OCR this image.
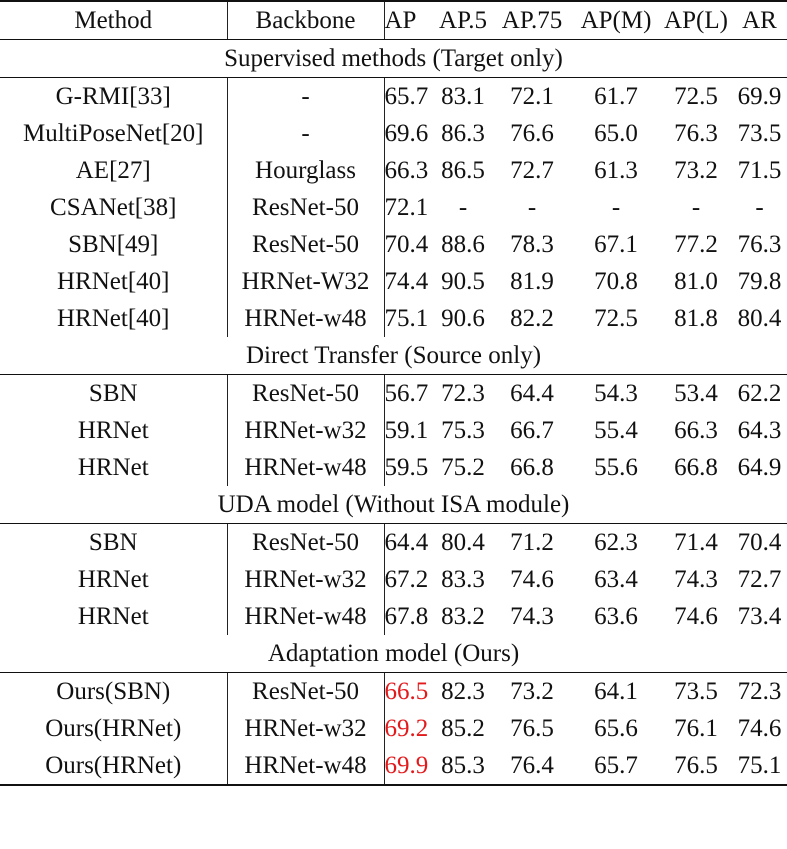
Method	Backbone	AP	AP.5	AP.75	AP(M)	AP(L)	AR
Supervised methods (Target only)							
G-RMI[33]	-	65.7	83.1	72.1	61.7	72.5	69.9
MultiPoseNet[20]	-	69.6	86.3	76.6	65.0	76.3	73.5
AE[27]	Hourglass	66.3	86.5	72.7	61.3	73.2	71.5
CSANet[38]	ResNet-50	72.1	-	-	-	-	-
SBN[49]	ResNet-50	70.4	88.6	78.3	67.1	77.2	76.3
HRNet[40]	HRNet-W32	74.4	90.5	81.9	70.8	81.0	79.8
HRNet[40]	HRNet-w48	75.1	90.6	82.2	72.5	81.8	80.4
Direct Transfer (Source only)							
SBN	ResNet-50	56.7	72.3	64.4	54.3	53.4	62.2
HRNet	HRNet-w32	59.1	75.3	66.7	55.4	66.3	64.3
HRNet	HRNet-w48	59.5	75.2	66.8	55.6	66.8	64.9
UDA model (Without ISA module)							
SBN	ResNet-50	64.4	80.4	71.2	62.3	71.4	70.4
HRNet	HRNet-w32	67.2	83.3	74.6	63.4	74.3	72.7
HRNet	HRNet-w48	67.8	83.2	74.3	63.6	74.6	73.4
Adaptation model (Ours)							
Ours(SBN)	ResNet-50	66.5	82.3	73.2	64.1	73.5	72.3
Ours(HRNet)	HRNet-w32	69.2	85.2	76.5	65.6	76.1	74.6
Ours(HRNet)	HRNet-w48	69.9	85.3	76.4	65.7	76.5	75.1
